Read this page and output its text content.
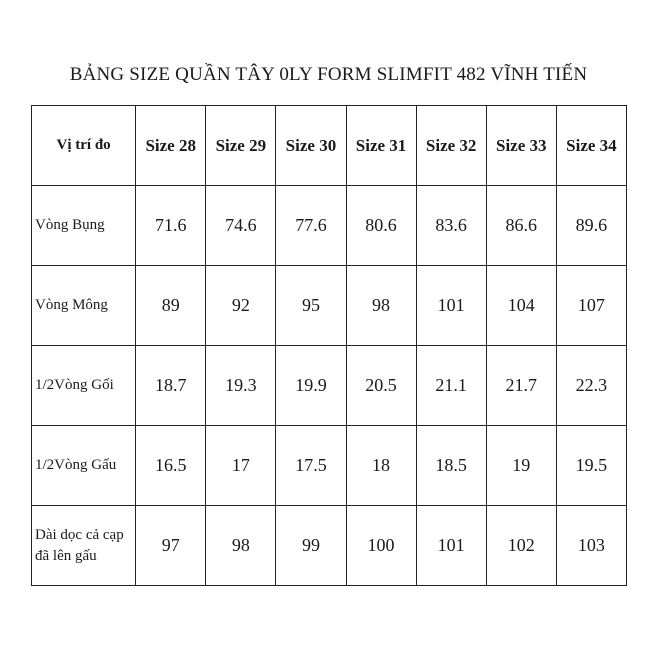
BẢNG SIZE QUẦN TÂY 0LY FORM SLIMFIT 482 VĨNH TIẾN
Vị trí đo	Size 28	Size 29	Size 30	Size 31	Size 32	Size 33	Size 34
Vòng Bụng	71.6	74.6	77.6	80.6	83.6	86.6	89.6
Vòng Mông	89	92	95	98	101	104	107
1/2Vòng Gối	18.7	19.3	19.9	20.5	21.1	21.7	22.3
1/2Vòng Gấu	16.5	17	17.5	18	18.5	19	19.5
Dài dọc cả cạp đã lên gấu	97	98	99	100	101	102	103
